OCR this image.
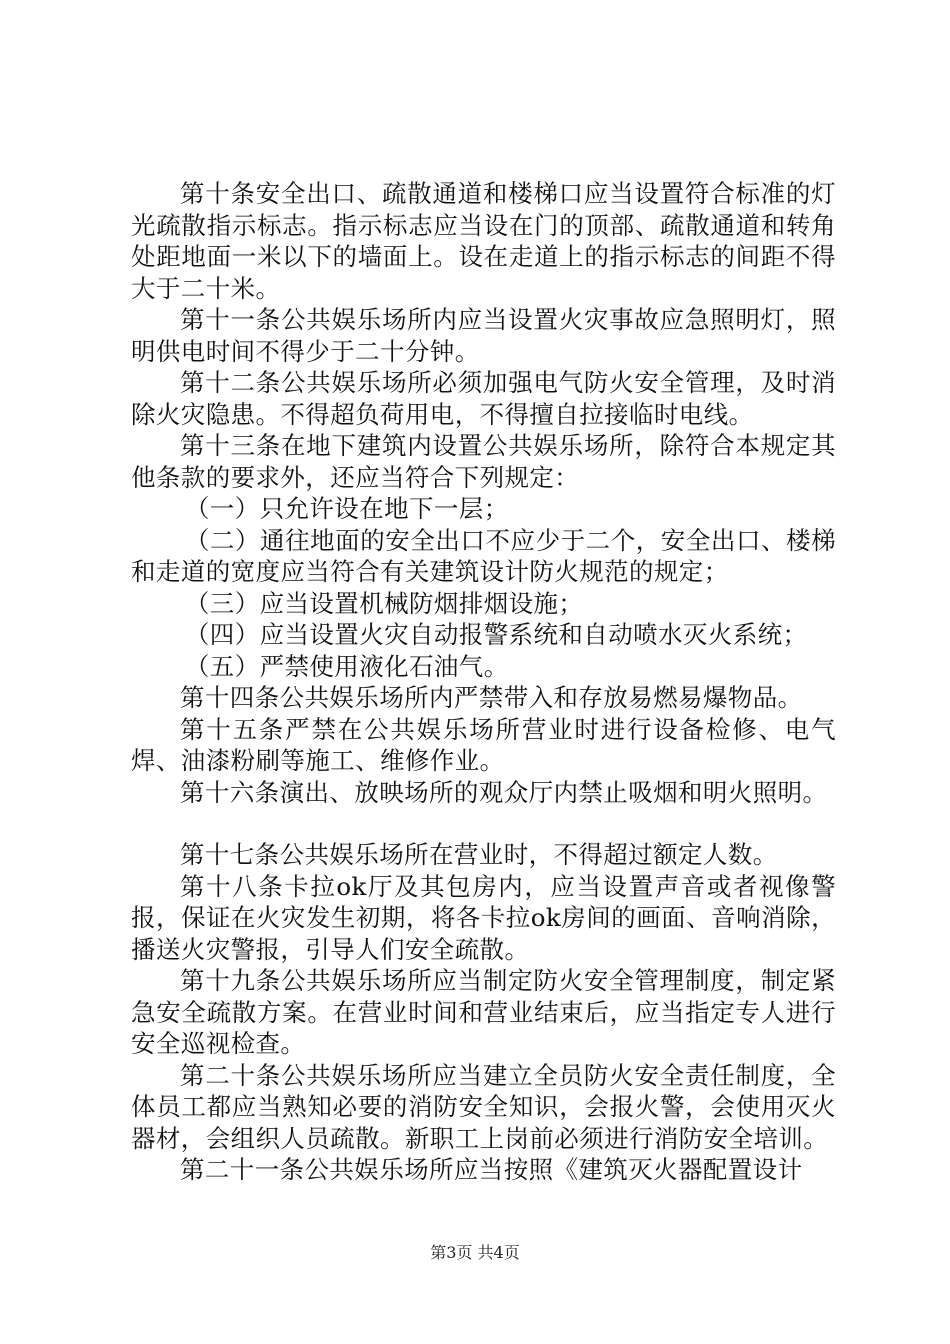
第十条安全出口、疏散通道和楼梯口应当设置符合标准的灯光疏散指示标志。指示标志应当设在门的顶部、疏散通道和转角处距地面一米以下的墙面上。设在走道上的指示标志的间距不得大于二十米。

第十一条公共娱乐场所内应当设置火灾事故应急照明灯，照明供电时间不得少于二十分钟。

第十二条公共娱乐场所必须加强电气防火安全管理，及时消除火灾隐患。不得超负荷用电，不得擅自拉接临时电线。

第十三条在地下建筑内设置公共娱乐场所，除符合本规定其他条款的要求外，还应当符合下列规定：

（一）只允许设在地下一层；

（二）通往地面的安全出口不应少于二个，安全出口、楼梯和走道的宽度应当符合有关建筑设计防火规范的规定；

（三）应当设置机械防烟排烟设施；

（四）应当设置火灾自动报警系统和自动喷水灭火系统；

（五）严禁使用液化石油气。

第十四条公共娱乐场所内严禁带入和存放易燃易爆物品。

第十五条严禁在公共娱乐场所营业时进行设备检修、电气焊、油漆粉刷等施工、维修作业。

第十六条演出、放映场所的观众厅内禁止吸烟和明火照明。

第十七条公共娱乐场所在营业时，不得超过额定人数。

第十八条卡拉ok厅及其包房内，应当设置声音或者视像警报，保证在火灾发生初期，将各卡拉ok房间的画面、音响消除，播送火灾警报，引导人们安全疏散。

第十九条公共娱乐场所应当制定防火安全管理制度，制定紧急安全疏散方案。在营业时间和营业结束后，应当指定专人进行安全巡视检查。

第二十条公共娱乐场所应当建立全员防火安全责任制度，全体员工都应当熟知必要的消防安全知识，会报火警，会使用灭火器材，会组织人员疏散。新职工上岗前必须进行消防安全培训。

第二十一条公共娱乐场所应当按照《建筑灭火器配置设计

第3页 共4页
